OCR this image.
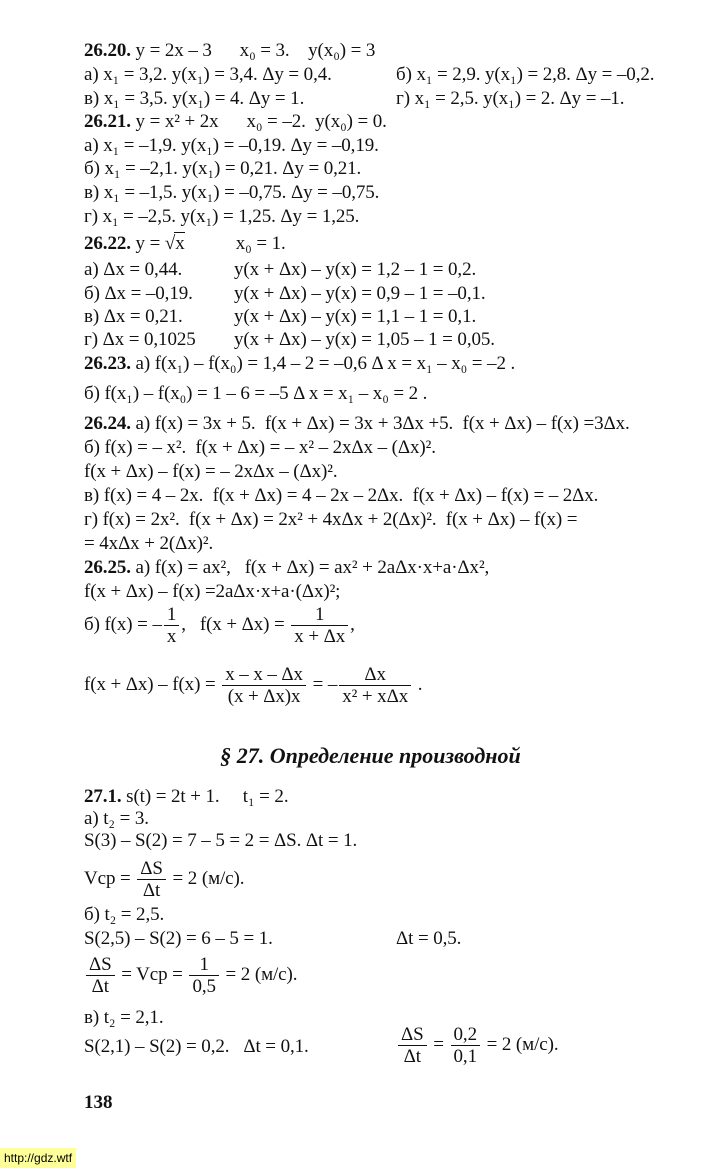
26.20. y = 2x – 3      x₀ = 3.    y(x₀) = 3
а) x₁ = 3,2. y(x₁) = 3,4. Δy = 0,4.	б) x₁ = 2,9. y(x₁) = 2,8. Δy = –0,2.
в) x₁ = 3,5. y(x₁) = 4. Δy = 1.	г) x₁ = 2,5. y(x₁) = 2. Δy = –1.
26.21. y = x² + 2x      x₀ = –2.  y(x₀) = 0.
а) x₁ = –1,9. y(x₁) = –0,19. Δy = –0,19.
б) x₁ = –2,1. y(x₁) = 0,21. Δy = 0,21.
в) x₁ = –1,5. y(x₁) = –0,75. Δy = –0,75.
г) x₁ = –2,5. y(x₁) = 1,25. Δy = 1,25.
26.22. y = √x           x₀ = 1.
а) Δx = 0,44.	y(x + Δx) – y(x) = 1,2 – 1 = 0,2.
б) Δx = –0,19. y(x + Δx) – y(x) = 0,9 – 1 = –0,1.
в) Δx = 0,21.	y(x + Δx) – y(x) = 1,1 – 1 = 0,1.
г) Δx = 0,1025 y(x + Δx) – y(x) = 1,05 – 1 = 0,05.
26.23. а) f(x₁) – f(x₀) = 1,4 – 2 = –0,6 Δ x = x₁ – x₀ = –2 .
б) f(x₁) – f(x₀) = 1 – 6 = –5 Δ x = x₁ – x₀ = 2 .
26.24. а) f(x) = 3x + 5.  f(x + Δx) = 3x + 3Δx +5.  f(x + Δx) – f(x) =3Δx.
б) f(x) = – x².  f(x + Δx) = – x² – 2xΔx – (Δx)².
f(x + Δx) – f(x) = – 2xΔx – (Δx)².
в) f(x) = 4 – 2x.  f(x + Δx) = 4 – 2x – 2Δx.  f(x + Δx) – f(x) = – 2Δx.
г) f(x) = 2x².  f(x + Δx) = 2x² + 4xΔx + 2(Δx)².  f(x + Δx) – f(x) =
= 4xΔx + 2(Δx)².
26.25. а) f(x) = ax²,   f(x + Δx) = ax² + 2aΔx·x+a·Δx²,
f(x + Δx) – f(x) =2aΔx·x+a·(Δx)²;
б) f(x) = – $\frac{1}{x}$ ,   $f(x + \Delta x) = \frac{1}{x + \Delta x}$ ,
$f(x + \Delta x) - f(x) = \frac{x - x - \Delta x}{(x + \Delta x)x}$ = – $\frac{\Delta x}{\text{x² + xΔx}}$ .
§ 27. Определение производной
27.1. s(t) = 2t + 1.     t₁ = 2.
а) t₂ = 3.
S(3) – S(2) = 7 – 5 = 2 = ΔS. Δt = 1.
Vср = $\frac{\Delta S}{\Delta t} = 2$ (м/с).
б) t₂ = 2,5.
S(2,5) – S(2) = 6 – 5 = 1.	Δt = 0,5.
$\frac{\Delta S}{\Delta t}$ = Vср = $\frac{1}{0,5} = 2$ (м/с).
в) t₂ = 2,1.
S(2,1) – S(2) = 0,2.   Δt = 0,1.	$\frac{\Delta S}{\Delta t} = \frac{0,2}{0,1} = 2$ (м/с).
138
http://gdz.wtf
